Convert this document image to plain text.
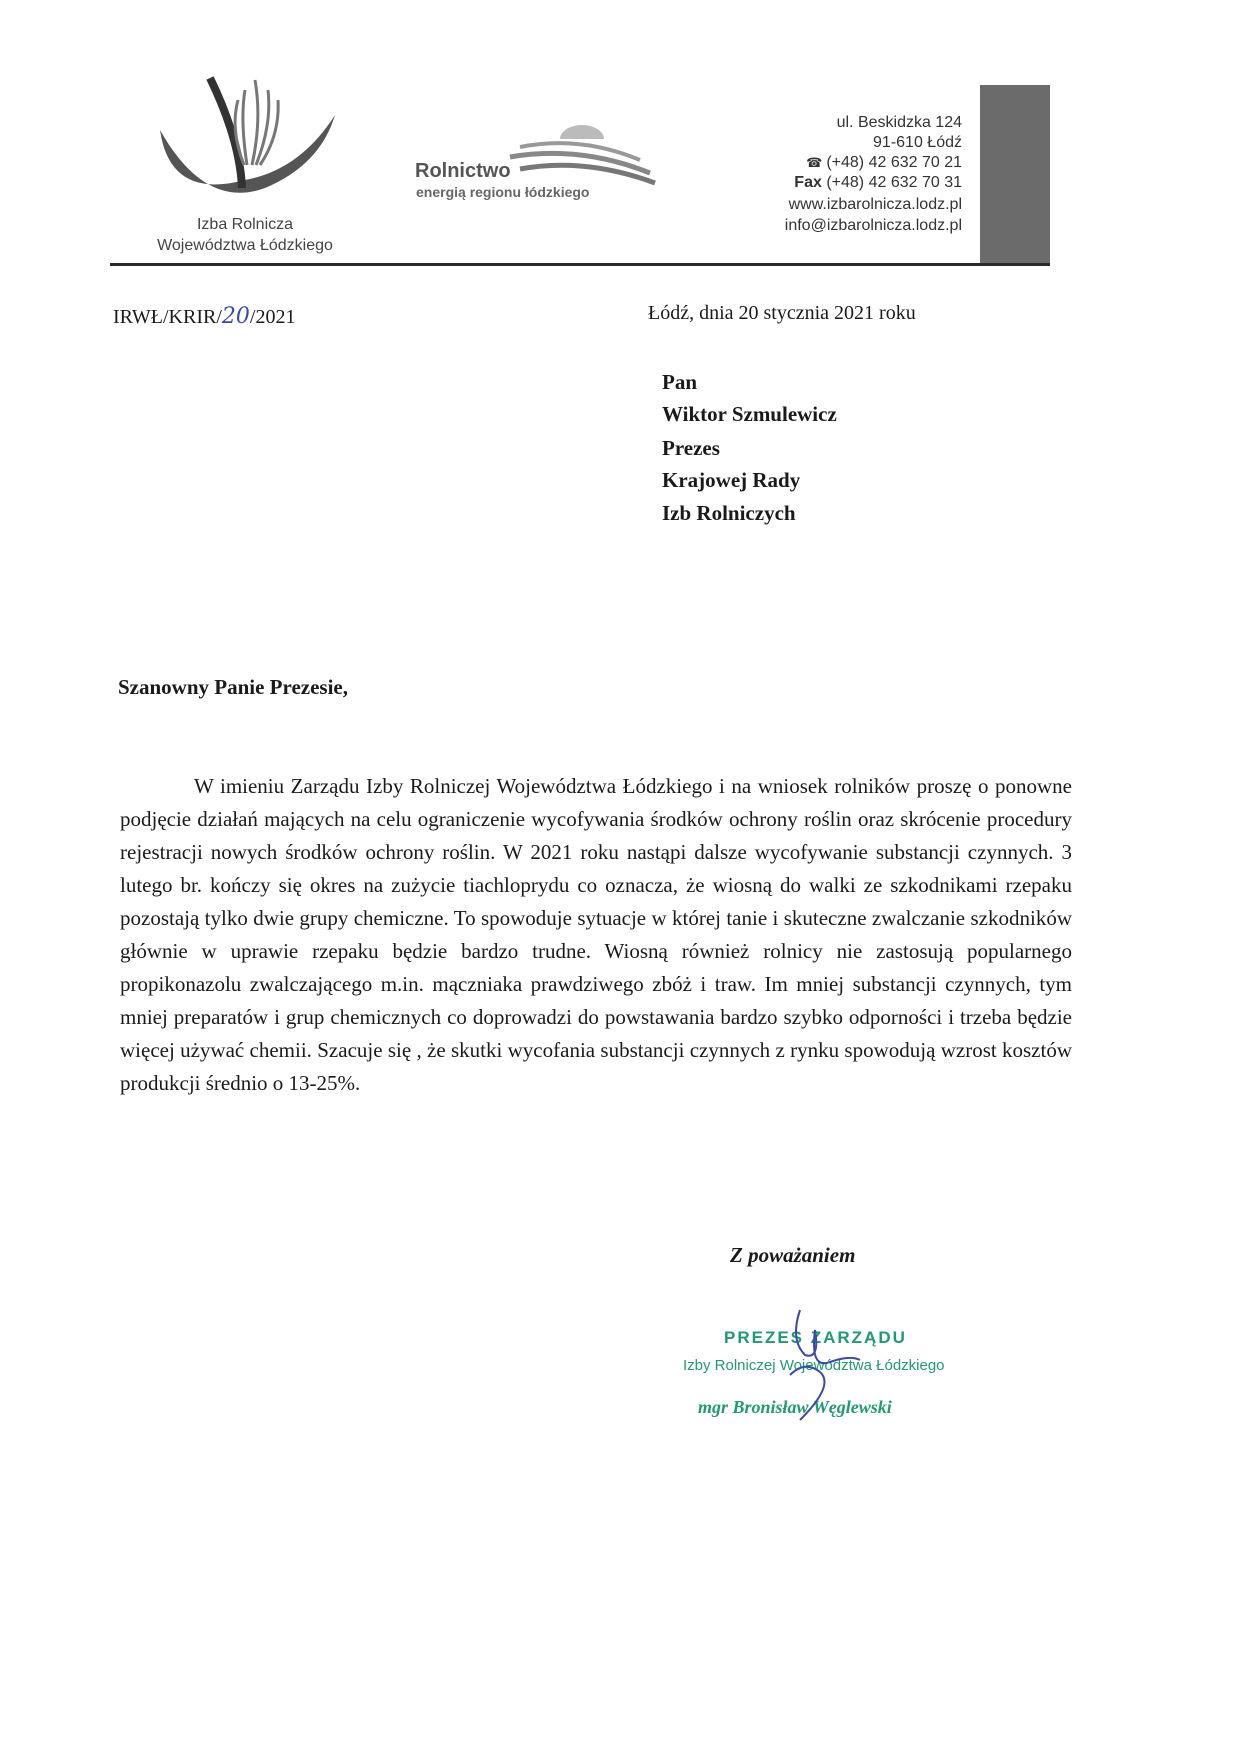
Izba Rolnicza
Województwa Łódzkiego
Rolnictwo
energią regionu łódzkiego
ul. Beskidzka 124
91-610 Łódź
☎ (+48) 42 632 70 21
Fax (+48) 42 632 70 31
www.izbarolnicza.lodz.pl
info@izbarolnicza.lodz.pl
IRWŁ/KRIR/20/2021	Łódź, dnia 20 stycznia 2021 roku
Pan
Wiktor Szmulewicz
Prezes
Krajowej Rady
Izb Rolniczych
Szanowny Panie Prezesie,

W imieniu Zarządu Izby Rolniczej Województwa Łódzkiego i na wniosek rolników proszę o ponowne podjęcie działań mających na celu ograniczenie wycofywania środków ochrony roślin oraz skrócenie procedury rejestracji nowych środków ochrony roślin. W 2021 roku nastąpi dalsze wycofywanie substancji czynnych. 3 lutego br. kończy się okres na zużycie tiachloprydu co oznacza, że wiosną do walki ze szkodnikami rzepaku pozostają tylko dwie grupy chemiczne. To spowoduje sytuacje w której tanie i skuteczne zwalczanie szkodników głównie w uprawie rzepaku będzie bardzo trudne. Wiosną również rolnicy nie zastosują popularnego propikonazolu zwalczającego m.in. mączniaka prawdziwego zbóż i traw. Im mniej substancji czynnych, tym mniej preparatów i grup chemicznych co doprowadzi do powstawania bardzo szybko odporności i trzeba będzie więcej używać chemii. Szacuje się , że skutki wycofania substancji czynnych z rynku spowodują wzrost kosztów produkcji średnio o 13-25%.

Z poważaniem
PREZES ZARZĄDU
Izby Rolniczej Województwa Łódzkiego
mgr Bronisław Węglewski
